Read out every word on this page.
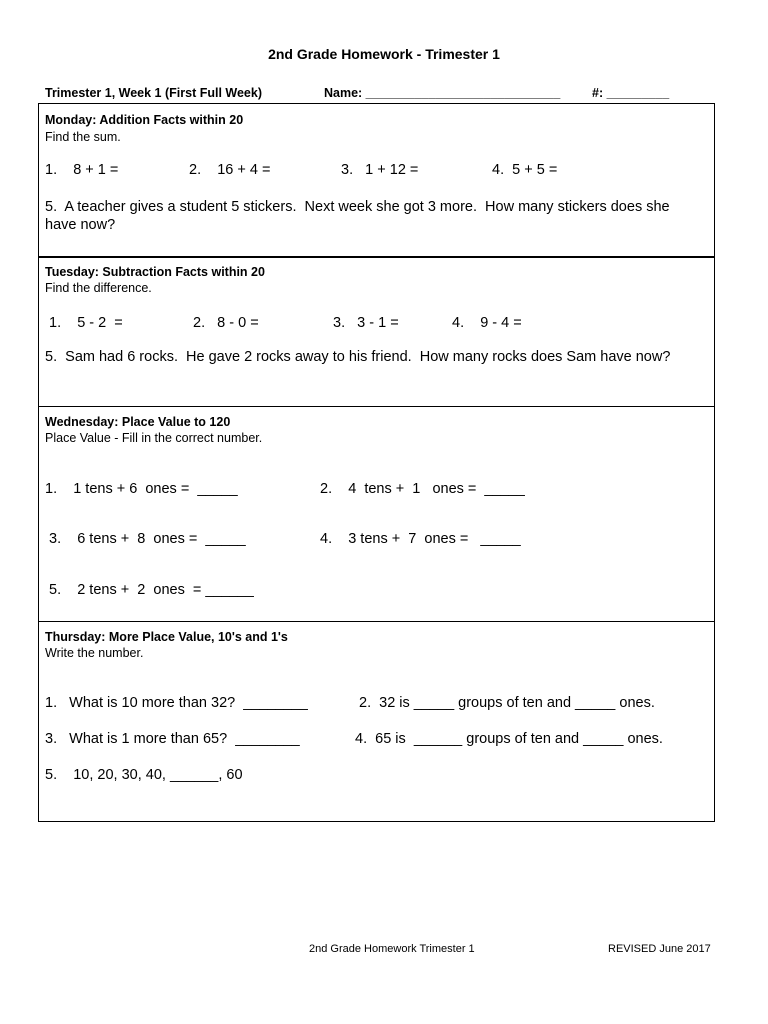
2nd Grade Homework - Trimester 1
Trimester 1, Week 1 (First Full Week)	Name: ____________________________	#: _________
Monday: Addition Facts within 20
Find the sum.
1.    8 + 1 =	2.    16 + 4 =	3.   1 + 12 =	4.  5 + 5 =
5.  A teacher gives a student 5 stickers.  Next week she got 3 more.  How many stickers does she
have now?
Tuesday: Subtraction Facts within 20
Find the difference.
1.    5 - 2  =	2.   8 - 0 =	3.   3 - 1 =	4.    9 - 4 =
5.  Sam had 6 rocks.  He gave 2 rocks away to his friend.  How many rocks does Sam have now?
Wednesday: Place Value to 120
Place Value - Fill in the correct number.
1.    1 tens + 6  ones =  _____	2.    4  tens +  1   ones =  _____
3.    6 tens +  8  ones =  _____	4.    3 tens +  7  ones =   _____
5.    2 tens +  2  ones  = ______
Thursday: More Place Value, 10's and 1's
Write the number.
1.   What is 10 more than 32?  ________	2.  32 is _____ groups of ten and _____ ones.
3.   What is 1 more than 65?  ________	4.  65 is  ______ groups of ten and _____ ones.
5.    10, 20, 30, 40, ______, 60
2nd Grade Homework Trimester 1	REVISED June 2017
